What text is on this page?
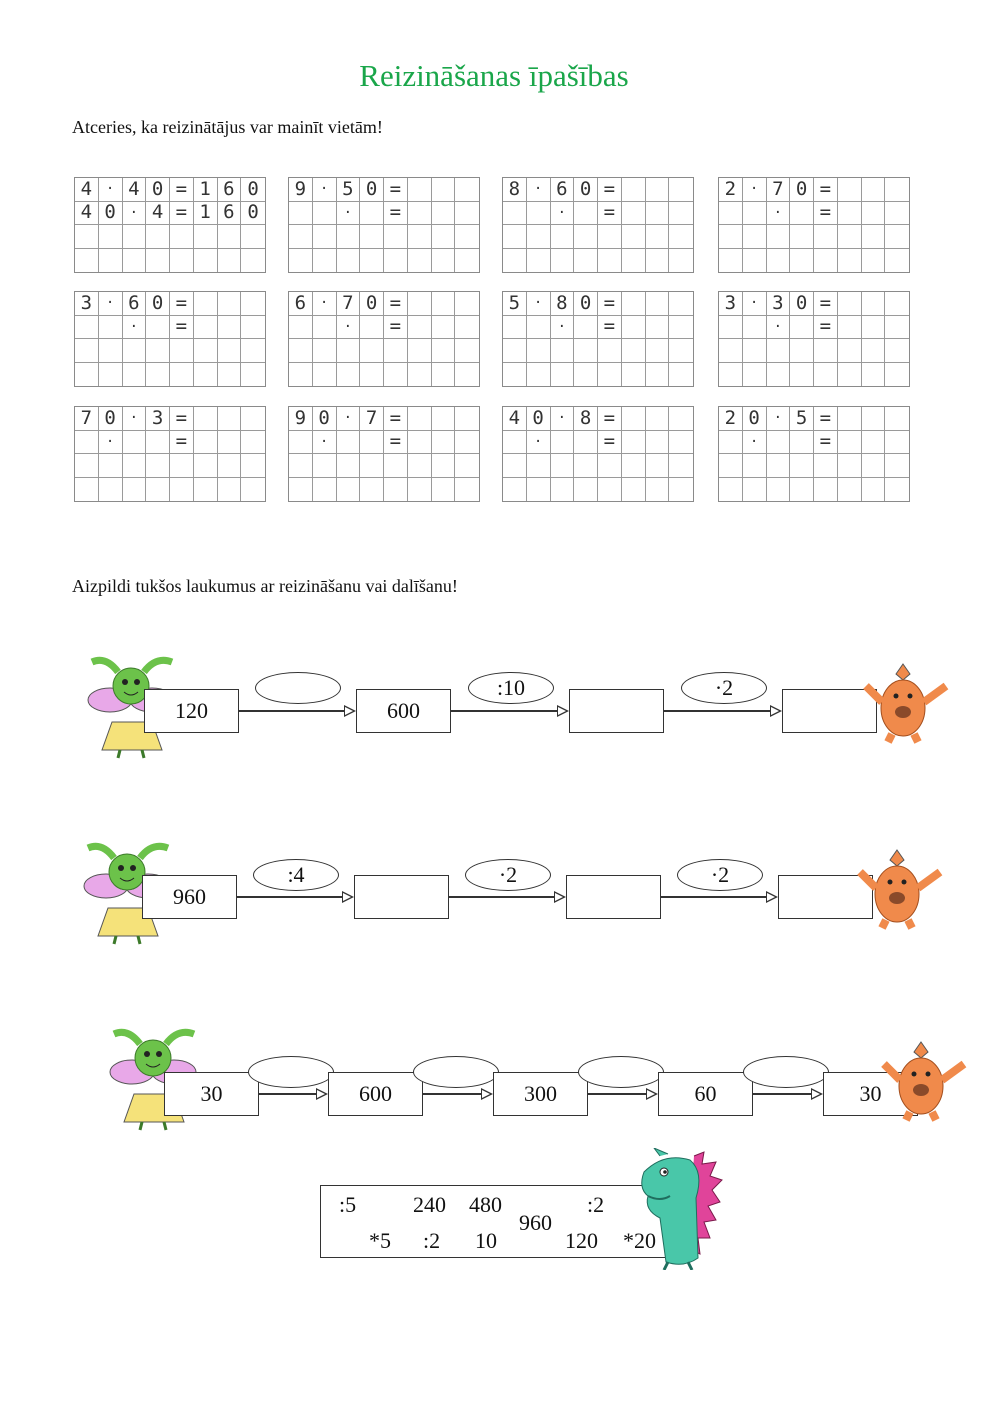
Reizināšanas īpašības
Atceries, ka reizinātājus var mainīt vietām!
4 · 4 0 = 1 6 0
4 0 · 4 = 1 6 0
9 · 5 0 =
·	=
8 · 6 0 =
·	=
2 · 7 0 =
·	=
3 · 6 0 =
·	=
6 · 7 0 =
·	=
5 · 8 0 =
·	=
3 · 3 0 =
·	=
7 0 · 3 =
·	=
9 0 · 7 =
·	=
4 0 · 8 =
·	=
2 0 · 5 =
·	=
Aizpildi tukšos laukumus ar reizināšanu vai dalīšanu!
120	600
:10	·2
960
:4	·2	·2
30	600	300	60	30
:5	240 480	:2
*5 :2 10
960
120 *20
